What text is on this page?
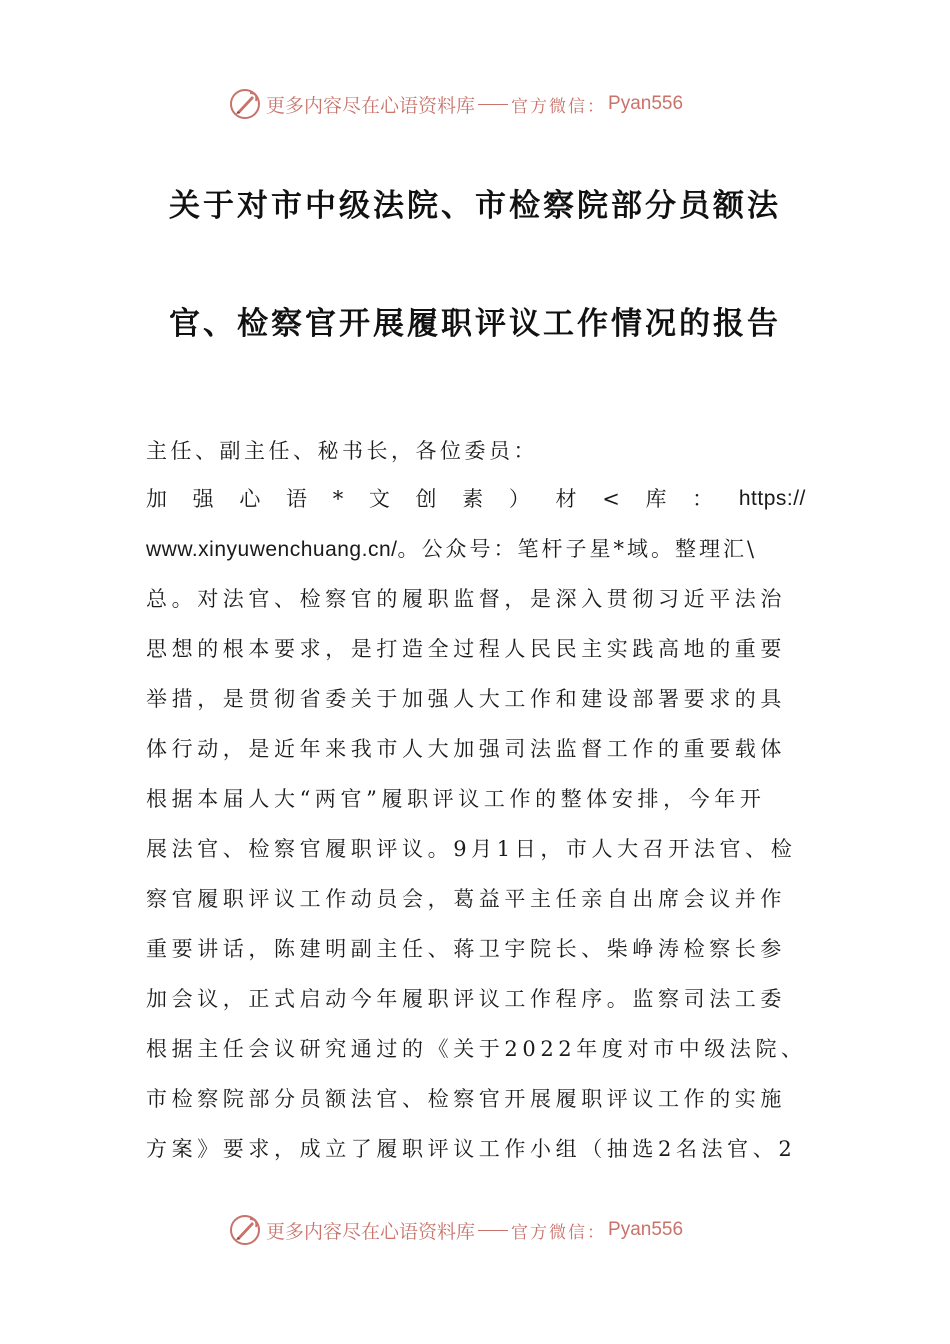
更多内容尽在心语资料库 官方微信： Pyan556
关于对市中级法院、市检察院部分员额法
官、检察官开展履职评议工作情况的报告
主任、副主任、秘书长，各位委员：
加 强 心 语 * 文 创 素 ） 材 < 库 ： https://
www.xinyuwenchuang.cn/。公众号：笔杆子星*域。整理汇\
总。对法官、检察官的履职监督，是深入贯彻习近平法治
思想的根本要求，是打造全过程人民民主实践高地的重要
举措，是贯彻省委关于加强人大工作和建设部署要求的具
体行动，是近年来我市人大加强司法监督工作的重要载体
根据本届人大“两官”履职评议工作的整体安排，今年开
展法官、检察官履职评议。9月1日，市人大召开法官、检
察官履职评议工作动员会，葛益平主任亲自出席会议并作
重要讲话，陈建明副主任、蒋卫宇院长、柴峥涛检察长参
加会议，正式启动今年履职评议工作程序。监察司法工委
根据主任会议研究通过的《关于2022年度对市中级法院、
市检察院部分员额法官、检察官开展履职评议工作的实施
方案》要求，成立了履职评议工作小组（抽选2名法官、2
更多内容尽在心语资料库 官方微信： Pyan556
